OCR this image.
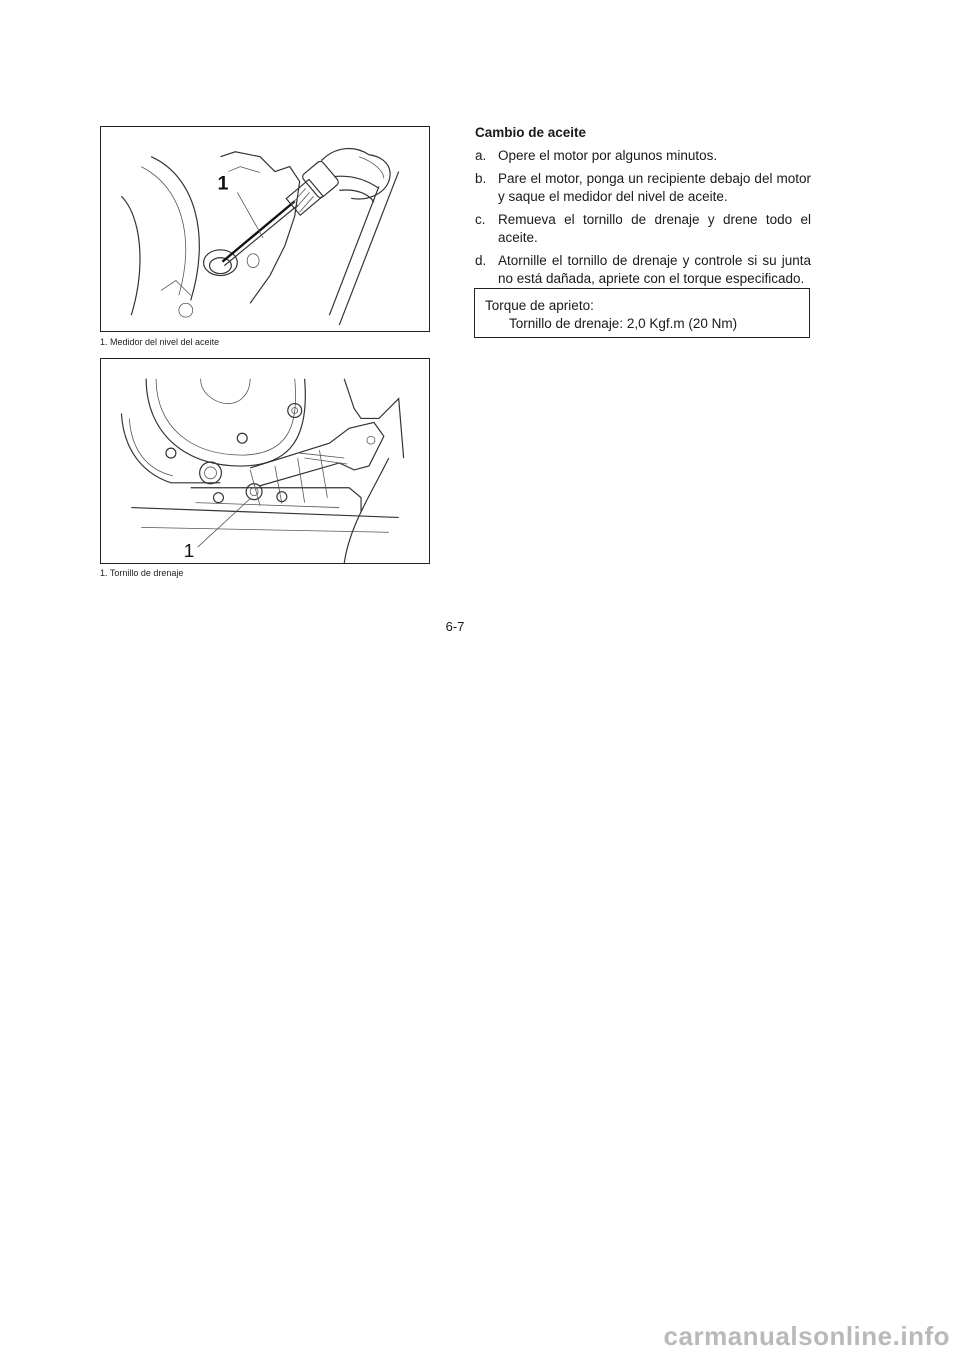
1
1. Medidor del nivel del aceite
1
1. Tornillo de drenaje
Cambio de aceite
a. Opere el motor por algunos minutos.
b. Pare el motor, ponga un recipiente debajo del motor y saque el medidor del nivel de aceite.
c. Remueva el tornillo de drenaje y drene todo el aceite.
d. Atornille el tornillo de drenaje y controle si su junta no está dañada, apriete con el torque especificado.
Torque de aprieto:
Tornillo de drenaje: 2,0 Kgf.m (20 Nm)
6-7
carmanualsonline.info
